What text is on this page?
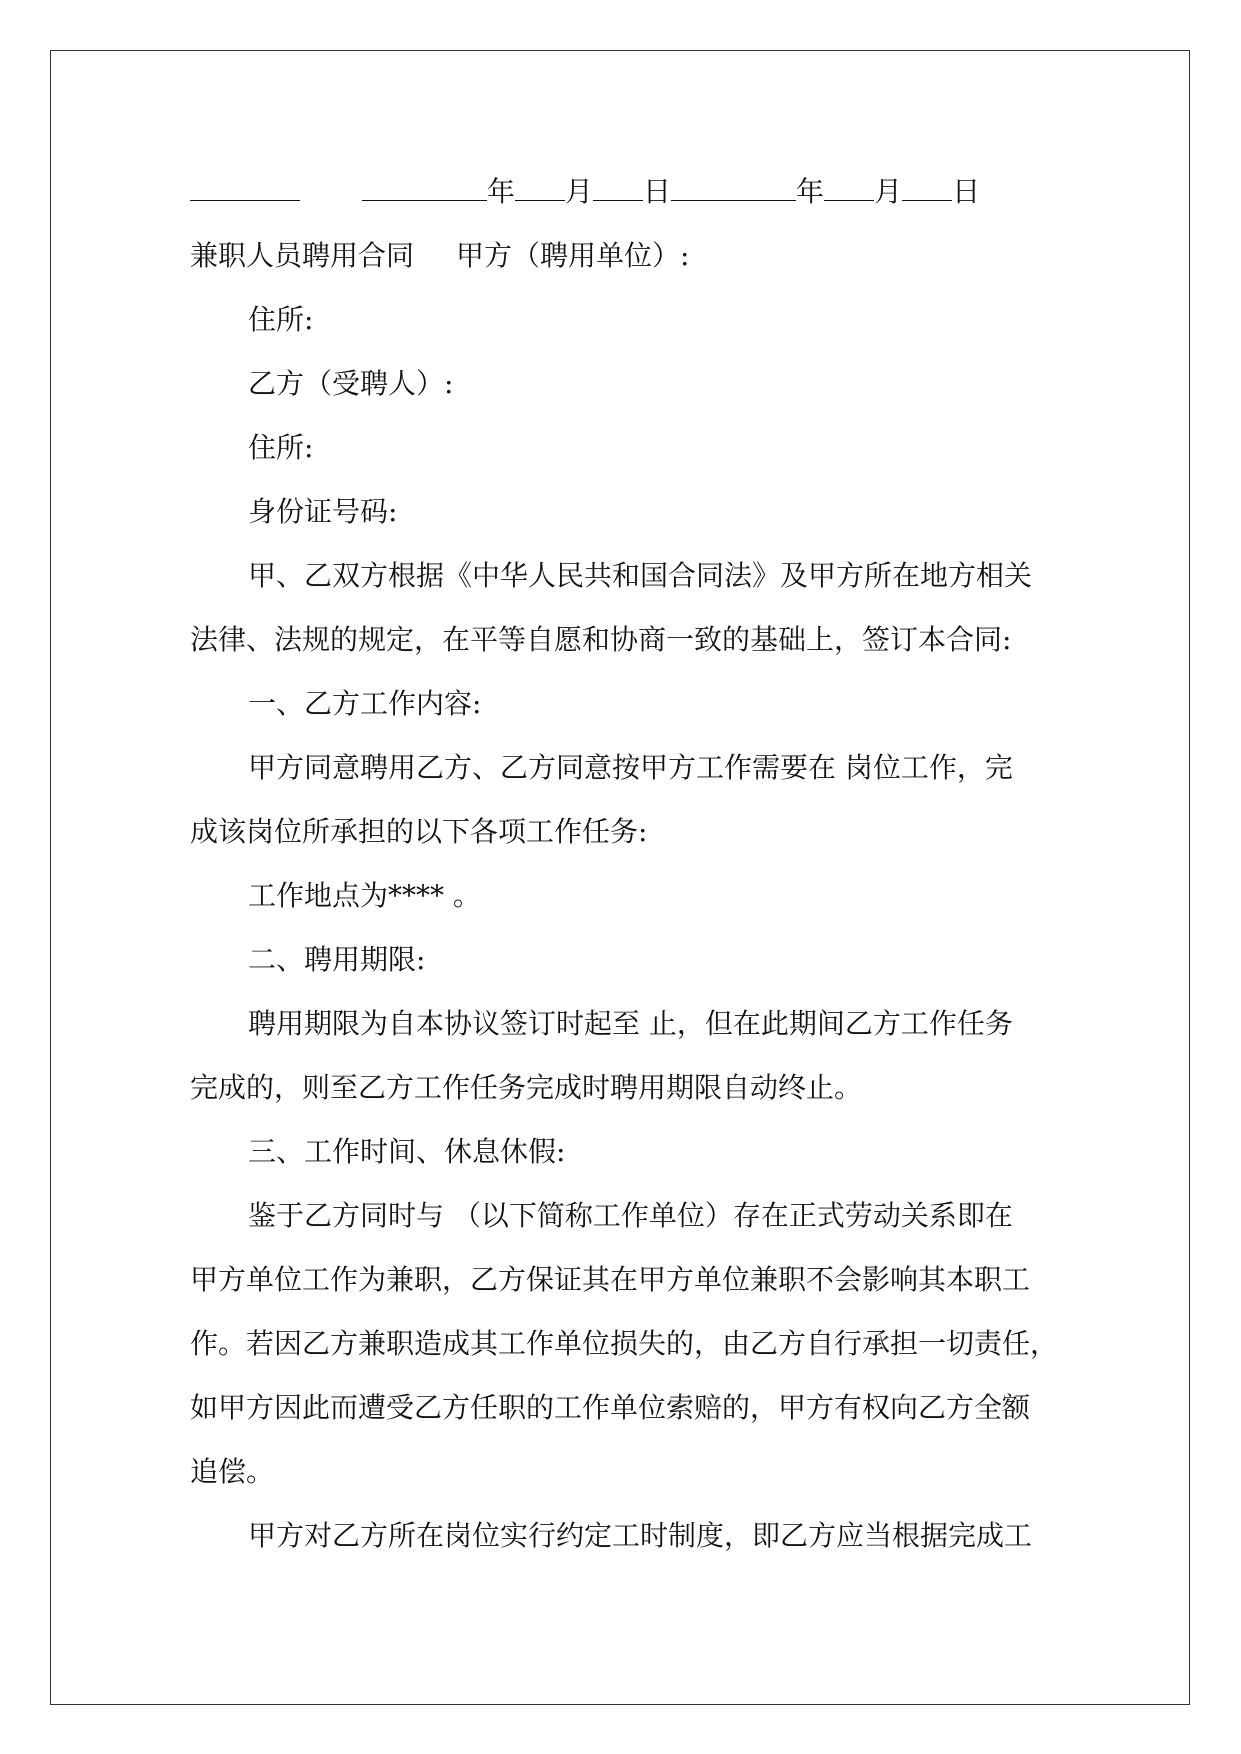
年 月 日	年 月 日
兼职人员聘用合同 甲方（聘用单位）:
住所:
乙方（受聘人）:
住所:
身份证号码:
甲、乙双方根据《中华人民共和国合同法》及甲方所在地方相关
法律、法规的规定，在平等自愿和协商一致的基础上，签订本合同:
一、乙方工作内容:
甲方同意聘用乙方、乙方同意按甲方工作需要在 岗位工作，完
成该岗位所承担的以下各项工作任务:
工作地点为**** 。
二、聘用期限:
聘用期限为自本协议签订时起至 止，但在此期间乙方工作任务
完成的，则至乙方工作任务完成时聘用期限自动终止。
三、工作时间、休息休假:
鉴于乙方同时与 （以下简称工作单位）存在正式劳动关系即在
甲方单位工作为兼职，乙方保证其在甲方单位兼职不会影响其本职工
作。若因乙方兼职造成其工作单位损失的，由乙方自行承担一切责任，
如甲方因此而遭受乙方任职的工作单位索赔的，甲方有权向乙方全额
追偿。
甲方对乙方所在岗位实行约定工时制度，即乙方应当根据完成工
